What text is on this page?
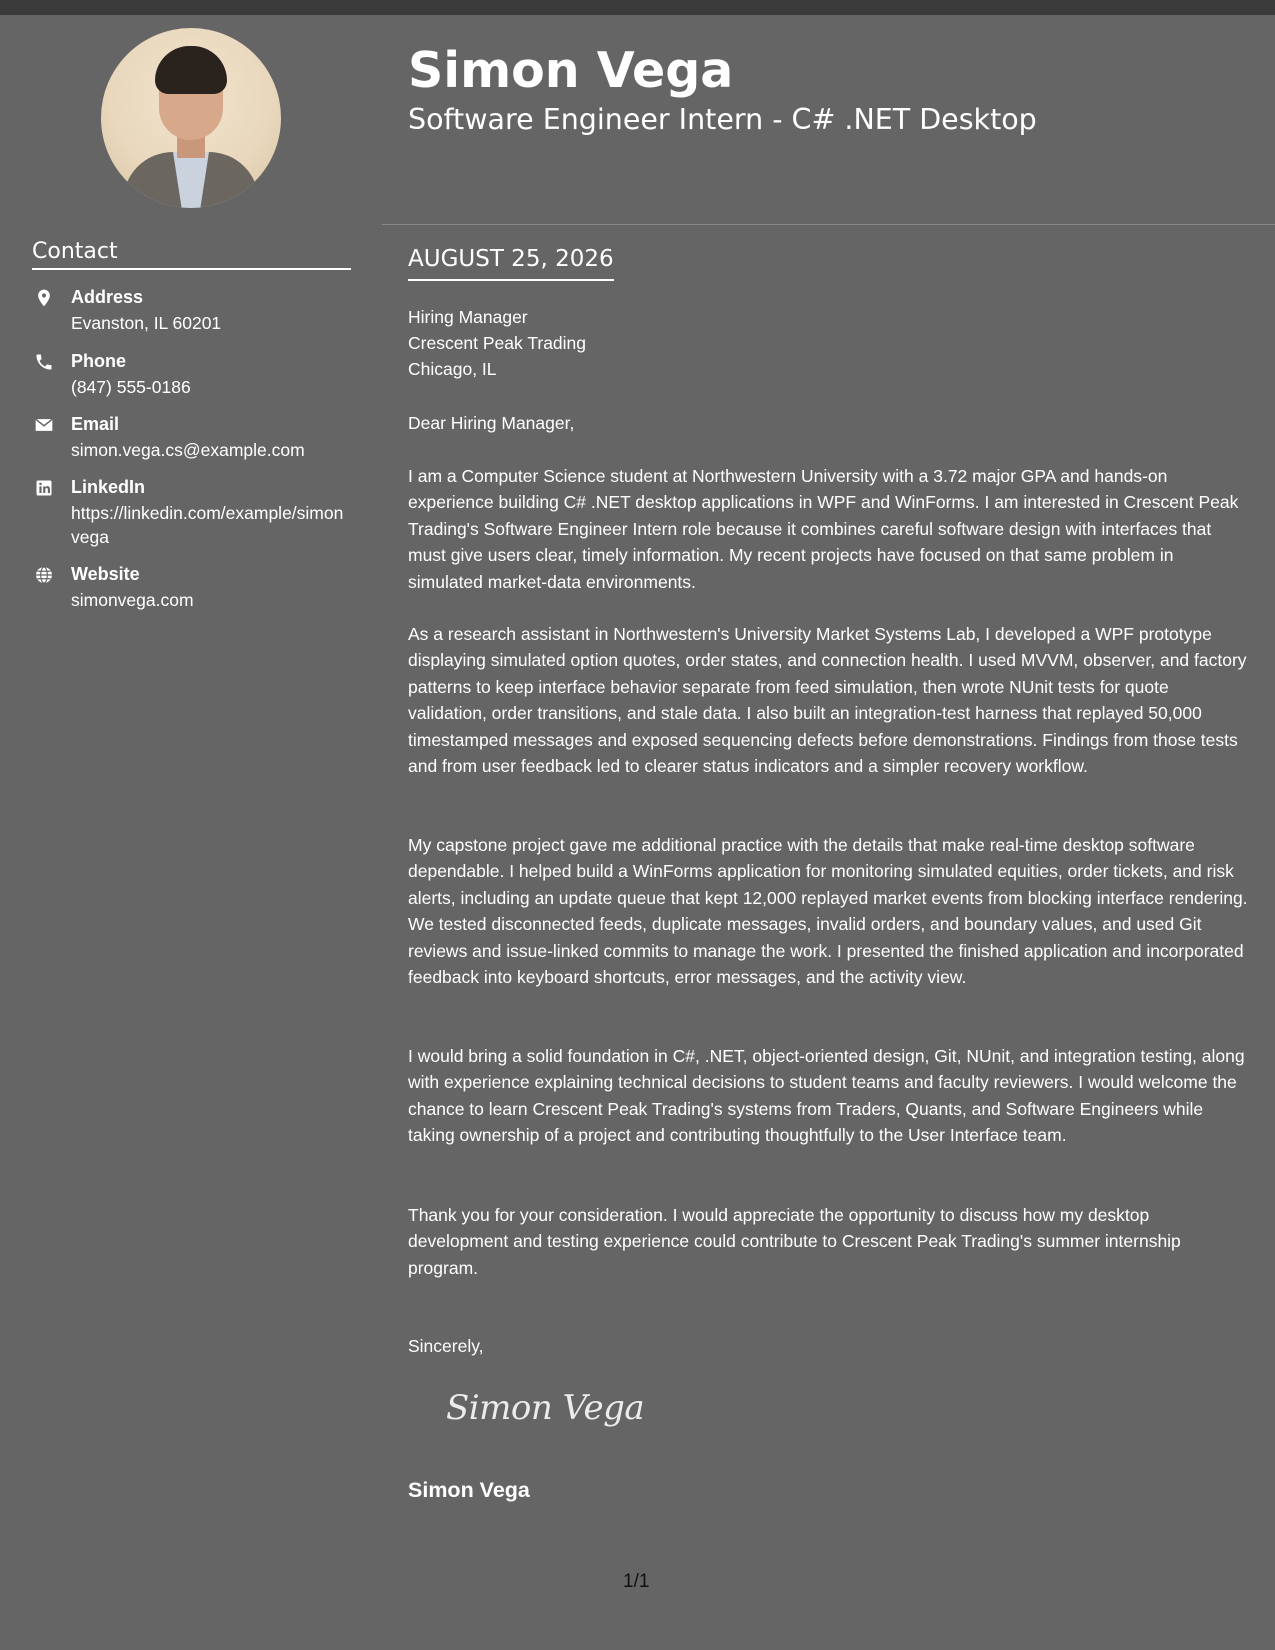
Contact
Address
Evanston, IL 60201
Phone
(847) 555-0186
Email
simon.vega.cs@example.com
LinkedIn
https://linkedin.com/example/simonvega
Website
simonvega.com
Simon Vega
Software Engineer Intern - C# .NET Desktop
AUGUST 25, 2026
Hiring Manager
Crescent Peak Trading
Chicago, IL
Dear Hiring Manager,
I am a Computer Science student at Northwestern University with a 3.72 major GPA and hands-on experience building C# .NET desktop applications in WPF and WinForms. I am interested in Crescent Peak Trading's Software Engineer Intern role because it combines careful software design with interfaces that must give users clear, timely information. My recent projects have focused on that same problem in simulated market-data environments.
As a research assistant in Northwestern's University Market Systems Lab, I developed a WPF prototype displaying simulated option quotes, order states, and connection health. I used MVVM, observer, and factory patterns to keep interface behavior separate from feed simulation, then wrote NUnit tests for quote validation, order transitions, and stale data. I also built an integration-test harness that replayed 50,000 timestamped messages and exposed sequencing defects before demonstrations. Findings from those tests and from user feedback led to clearer status indicators and a simpler recovery workflow.
My capstone project gave me additional practice with the details that make real-time desktop software dependable. I helped build a WinForms application for monitoring simulated equities, order tickets, and risk alerts, including an update queue that kept 12,000 replayed market events from blocking interface rendering. We tested disconnected feeds, duplicate messages, invalid orders, and boundary values, and used Git reviews and issue-linked commits to manage the work. I presented the finished application and incorporated feedback into keyboard shortcuts, error messages, and the activity view.
I would bring a solid foundation in C#, .NET, object-oriented design, Git, NUnit, and integration testing, along with experience explaining technical decisions to student teams and faculty reviewers. I would welcome the chance to learn Crescent Peak Trading's systems from Traders, Quants, and Software Engineers while taking ownership of a project and contributing thoughtfully to the User Interface team.
Thank you for your consideration. I would appreciate the opportunity to discuss how my desktop development and testing experience could contribute to Crescent Peak Trading's summer internship program.
Sincerely,
Simon Vega
Simon Vega
1/1
